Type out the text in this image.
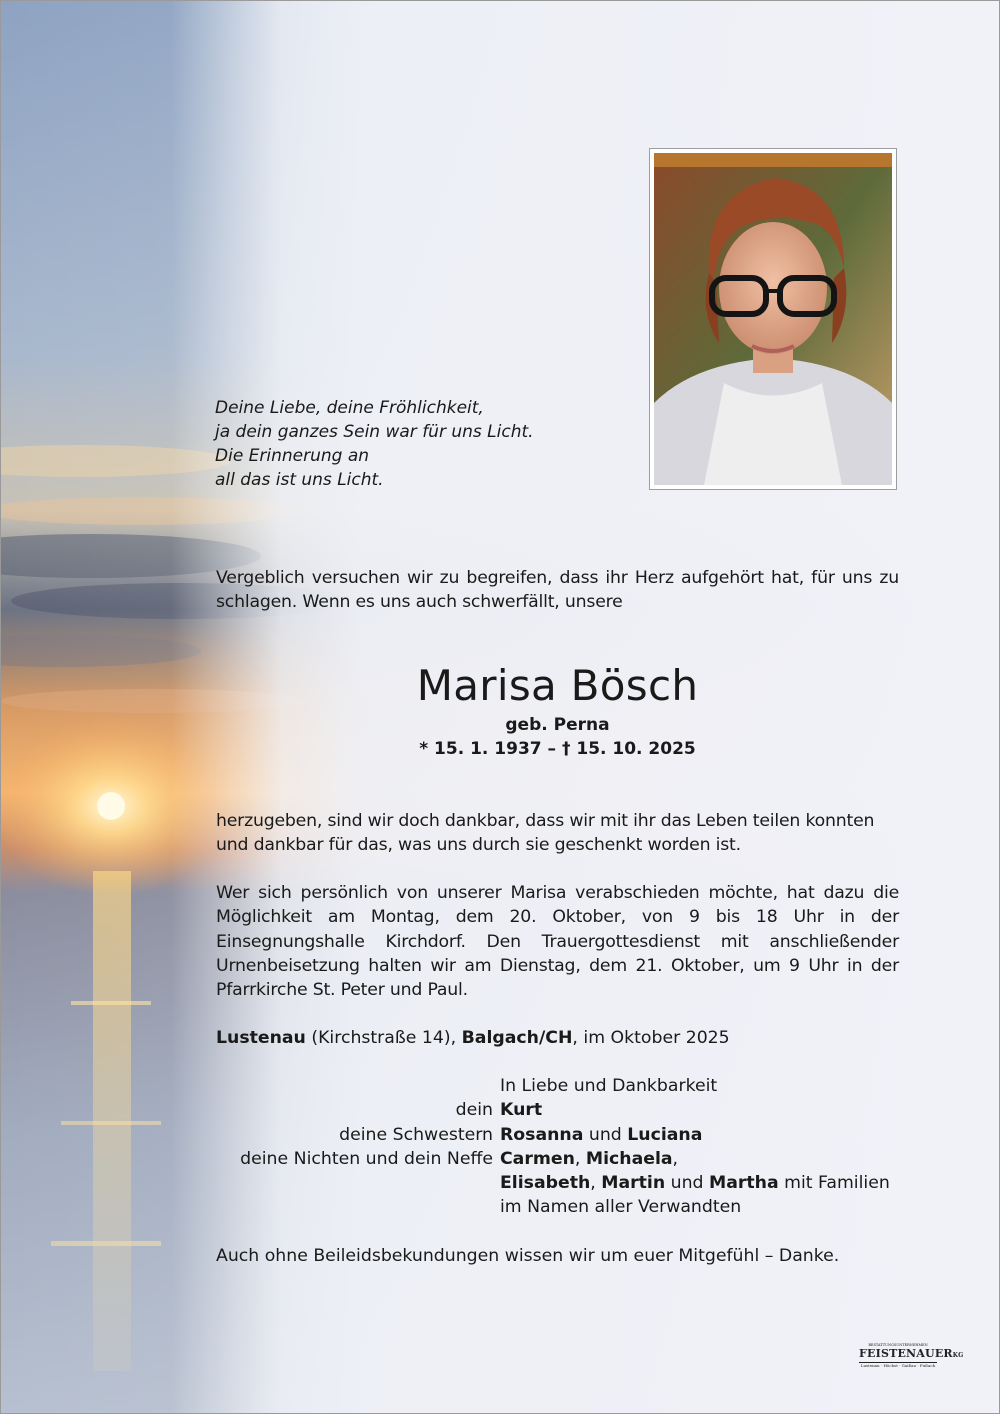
Deine Liebe, deine Fröhlichkeit,
ja dein ganzes Sein war für uns Licht.
Die Erinnerung an
all das ist uns Licht.
Vergeblich versuchen wir zu begreifen, dass ihr Herz aufgehört hat, für uns zu schlagen. Wenn es uns auch schwerfällt, unsere
Marisa Bösch
geb. Perna
* 15. 1. 1937 – † 15. 10. 2025
herzugeben, sind wir doch dankbar, dass wir mit ihr das Leben teilen konnten und dankbar für das, was uns durch sie geschenkt worden ist.
Wer sich persönlich von unserer Marisa verabschieden möchte, hat dazu die Möglichkeit am Montag, dem 20. Oktober, von 9 bis 18 Uhr in der Einsegnungshalle Kirchdorf. Den Trauergottesdienst mit anschließender Urnenbeisetzung halten wir am Dienstag, dem 21. Oktober, um 9 Uhr in der Pfarrkirche St. Peter und Paul.
Lustenau (Kirchstraße 14), Balgach/CH, im Oktober 2025
In Liebe und Dankbarkeit
dein Kurt
deine Schwestern Rosanna und Luciana
deine Nichten und dein Neffe Carmen, Michaela,
Elisabeth, Martin und Martha mit Familien
im Namen aller Verwandten
Auch ohne Beileidsbekundungen wissen wir um euer Mitgefühl – Danke.
BESTATTUNGSUNTERNEHMEN
FEISTENAUERKG
Lustenau · Höchst · Gaißau · Fußach
